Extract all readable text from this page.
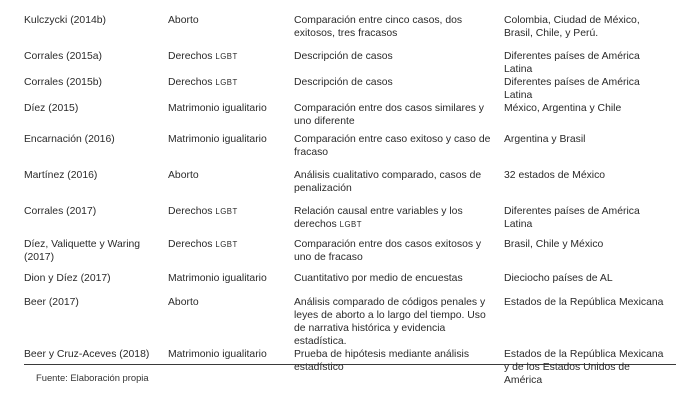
Kulczycki (2014b)	Aborto	Comparación entre cinco casos, dos exitosos, tres fracasos	Colombia, Ciudad de México, Brasil, Chile, y Perú.
Corrales (2015a)	Derechos LGBT	Descripción de casos	Diferentes países de América Latina
Corrales (2015b)	Derechos LGBT	Descripción de casos	Diferentes países de América Latina
Díez (2015)	Matrimonio igualitario	Comparación entre dos casos similares y uno diferente	México, Argentina y Chile
Encarnación (2016)	Matrimonio igualitario	Comparación entre caso exitoso y caso de fracaso	Argentina y Brasil
Martínez (2016)	Aborto	Análisis cualitativo comparado, casos de penalización	32 estados de México
Corrales (2017)	Derechos LGBT	Relación causal entre variables y los derechos LGBT	Diferentes países de América Latina
Díez, Valiquette y Waring (2017)	Derechos LGBT	Comparación entre dos casos exitosos y uno de fracaso	Brasil, Chile y México
Dion y Díez (2017)	Matrimonio igualitario	Cuantitativo por medio de encuestas	Dieciocho países de AL
Beer (2017)	Aborto	Análisis comparado de códigos penales y leyes de aborto a lo largo del tiempo. Uso de narrativa histórica y evidencia estadística.	Estados de la República Mexicana
Beer y Cruz-Aceves (2018)	Matrimonio igualitario	Prueba de hipótesis mediante análisis estadístico	Estados de la República Mexicana y de los Estados Unidos de América
Fuente: Elaboración propia
